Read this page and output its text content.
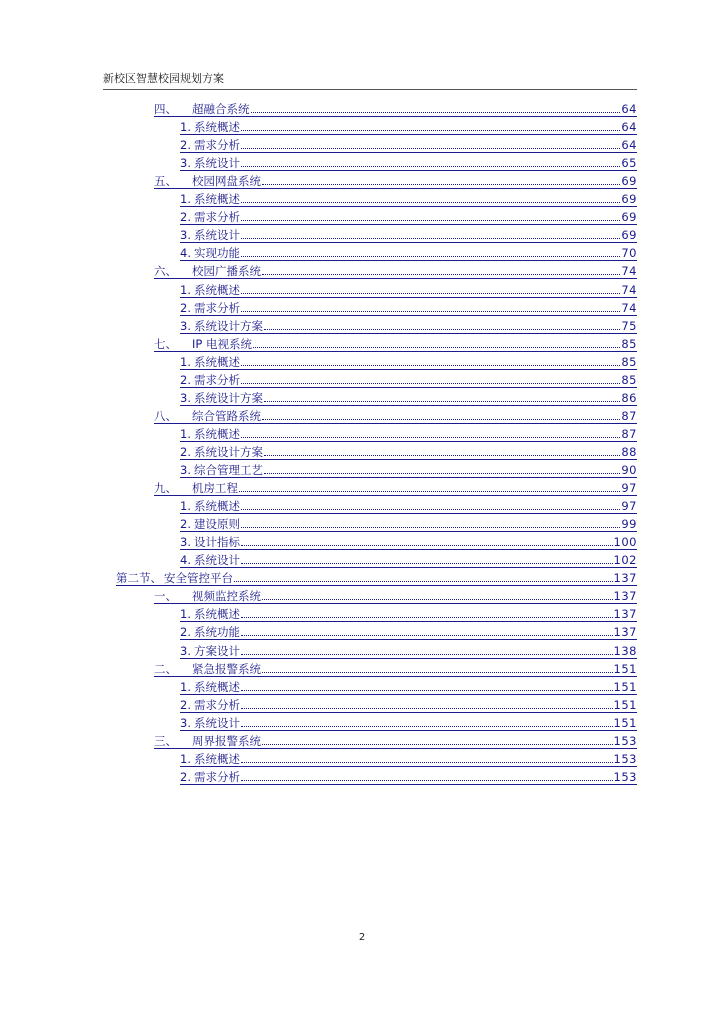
新校区智慧校园规划方案
四、	超融合系统	64
1. 系统概述	64
2. 需求分析	64
3. 系统设计	65
五、	校园网盘系统	69
1. 系统概述	69
2. 需求分析	69
3. 系统设计	69
4. 实现功能	70
六、	校园广播系统	74
1. 系统概述	74
2. 需求分析	74
3. 系统设计方案	75
七、	IP 电视系统	85
1. 系统概述	85
2. 需求分析	85
3. 系统设计方案	86
八、	综合管路系统	87
1. 系统概述	87
2. 系统设计方案	88
3. 综合管理工艺	90
九、	机房工程	97
1. 系统概述	97
2. 建设原则	99
3. 设计指标	100
4. 系统设计	102
第二节、 安全管控平台	137
一、	视频监控系统	137
1. 系统概述	137
2. 系统功能	137
3. 方案设计	138
二、	紧急报警系统	151
1. 系统概述	151
2. 需求分析	151
3. 系统设计	151
三、	周界报警系统	153
1. 系统概述	153
2. 需求分析	153
2
